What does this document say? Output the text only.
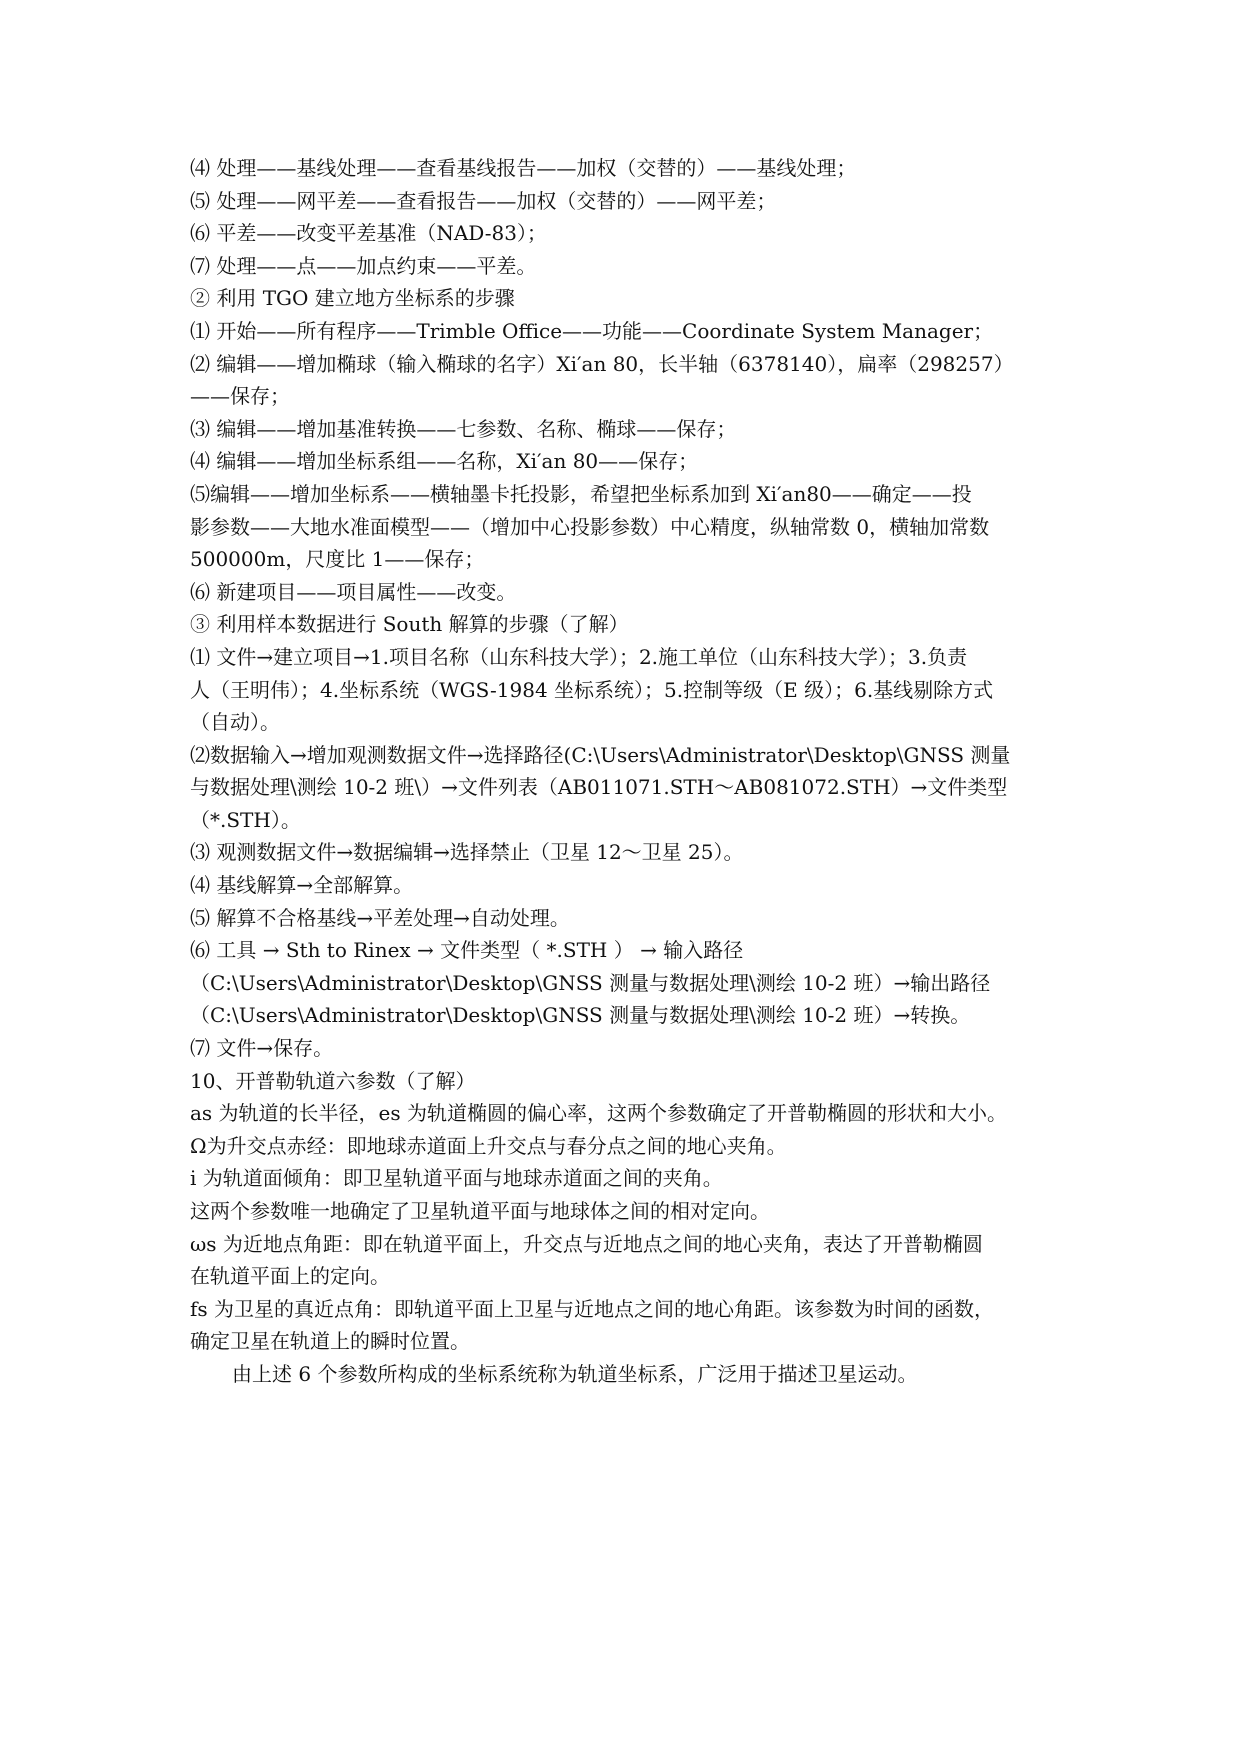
⑷ 处理——基线处理——查看基线报告——加权（交替的）——基线处理；
⑸ 处理——网平差——查看报告——加权（交替的）——网平差；
⑹ 平差——改变平差基准（NAD-83）；
⑺ 处理——点——加点约束——平差。
② 利用 TGO 建立地方坐标系的步骤
⑴ 开始——所有程序——Trimble Office——功能——Coordinate System Manager；
⑵ 编辑——增加椭球（输入椭球的名字）Xi′an 80，长半轴（6378140），扁率（298257）
——保存；
⑶ 编辑——增加基准转换——七参数、名称、椭球——保存；
⑷ 编辑——增加坐标系组——名称，Xi′an 80——保存；
⑸编辑——增加坐标系——横轴墨卡托投影，希望把坐标系加到 Xi′an80——确定——投
影参数——大地水准面模型——（增加中心投影参数）中心精度，纵轴常数 0，横轴加常数
500000m，尺度比 1——保存；
⑹ 新建项目——项目属性——改变。
③ 利用样本数据进行 South 解算的步骤（了解）
⑴ 文件→建立项目→1.项目名称（山东科技大学）；2.施工单位（山东科技大学）；3.负责
人（王明伟）；4.坐标系统（WGS-1984 坐标系统）；5.控制等级（E 级）；6.基线剔除方式
（自动）。
⑵数据输入→增加观测数据文件→选择路径(C:\Users\Administrator\Desktop\GNSS 测量
与数据处理\测绘 10-2 班\）→文件列表（AB011071.STH～AB081072.STH）→文件类型
（*.STH）。
⑶ 观测数据文件→数据编辑→选择禁止（卫星 12～卫星 25）。
⑷ 基线解算→全部解算。
⑸ 解算不合格基线→平差处理→自动处理。
⑹ 工具 → Sth to Rinex → 文件类型（ *.STH ） → 输入路径
（C:\Users\Administrator\Desktop\GNSS 测量与数据处理\测绘 10-2 班）→输出路径
（C:\Users\Administrator\Desktop\GNSS 测量与数据处理\测绘 10-2 班）→转换。
⑺ 文件→保存。
10、开普勒轨道六参数（了解）
as 为轨道的长半径，es 为轨道椭圆的偏心率，这两个参数确定了开普勒椭圆的形状和大小。
Ω为升交点赤经：即地球赤道面上升交点与春分点之间的地心夹角。
i 为轨道面倾角：即卫星轨道平面与地球赤道面之间的夹角。
这两个参数唯一地确定了卫星轨道平面与地球体之间的相对定向。
ωs 为近地点角距：即在轨道平面上，升交点与近地点之间的地心夹角，表达了开普勒椭圆
在轨道平面上的定向。
fs 为卫星的真近点角：即轨道平面上卫星与近地点之间的地心角距。该参数为时间的函数，
确定卫星在轨道上的瞬时位置。
由上述 6 个参数所构成的坐标系统称为轨道坐标系，广泛用于描述卫星运动。
